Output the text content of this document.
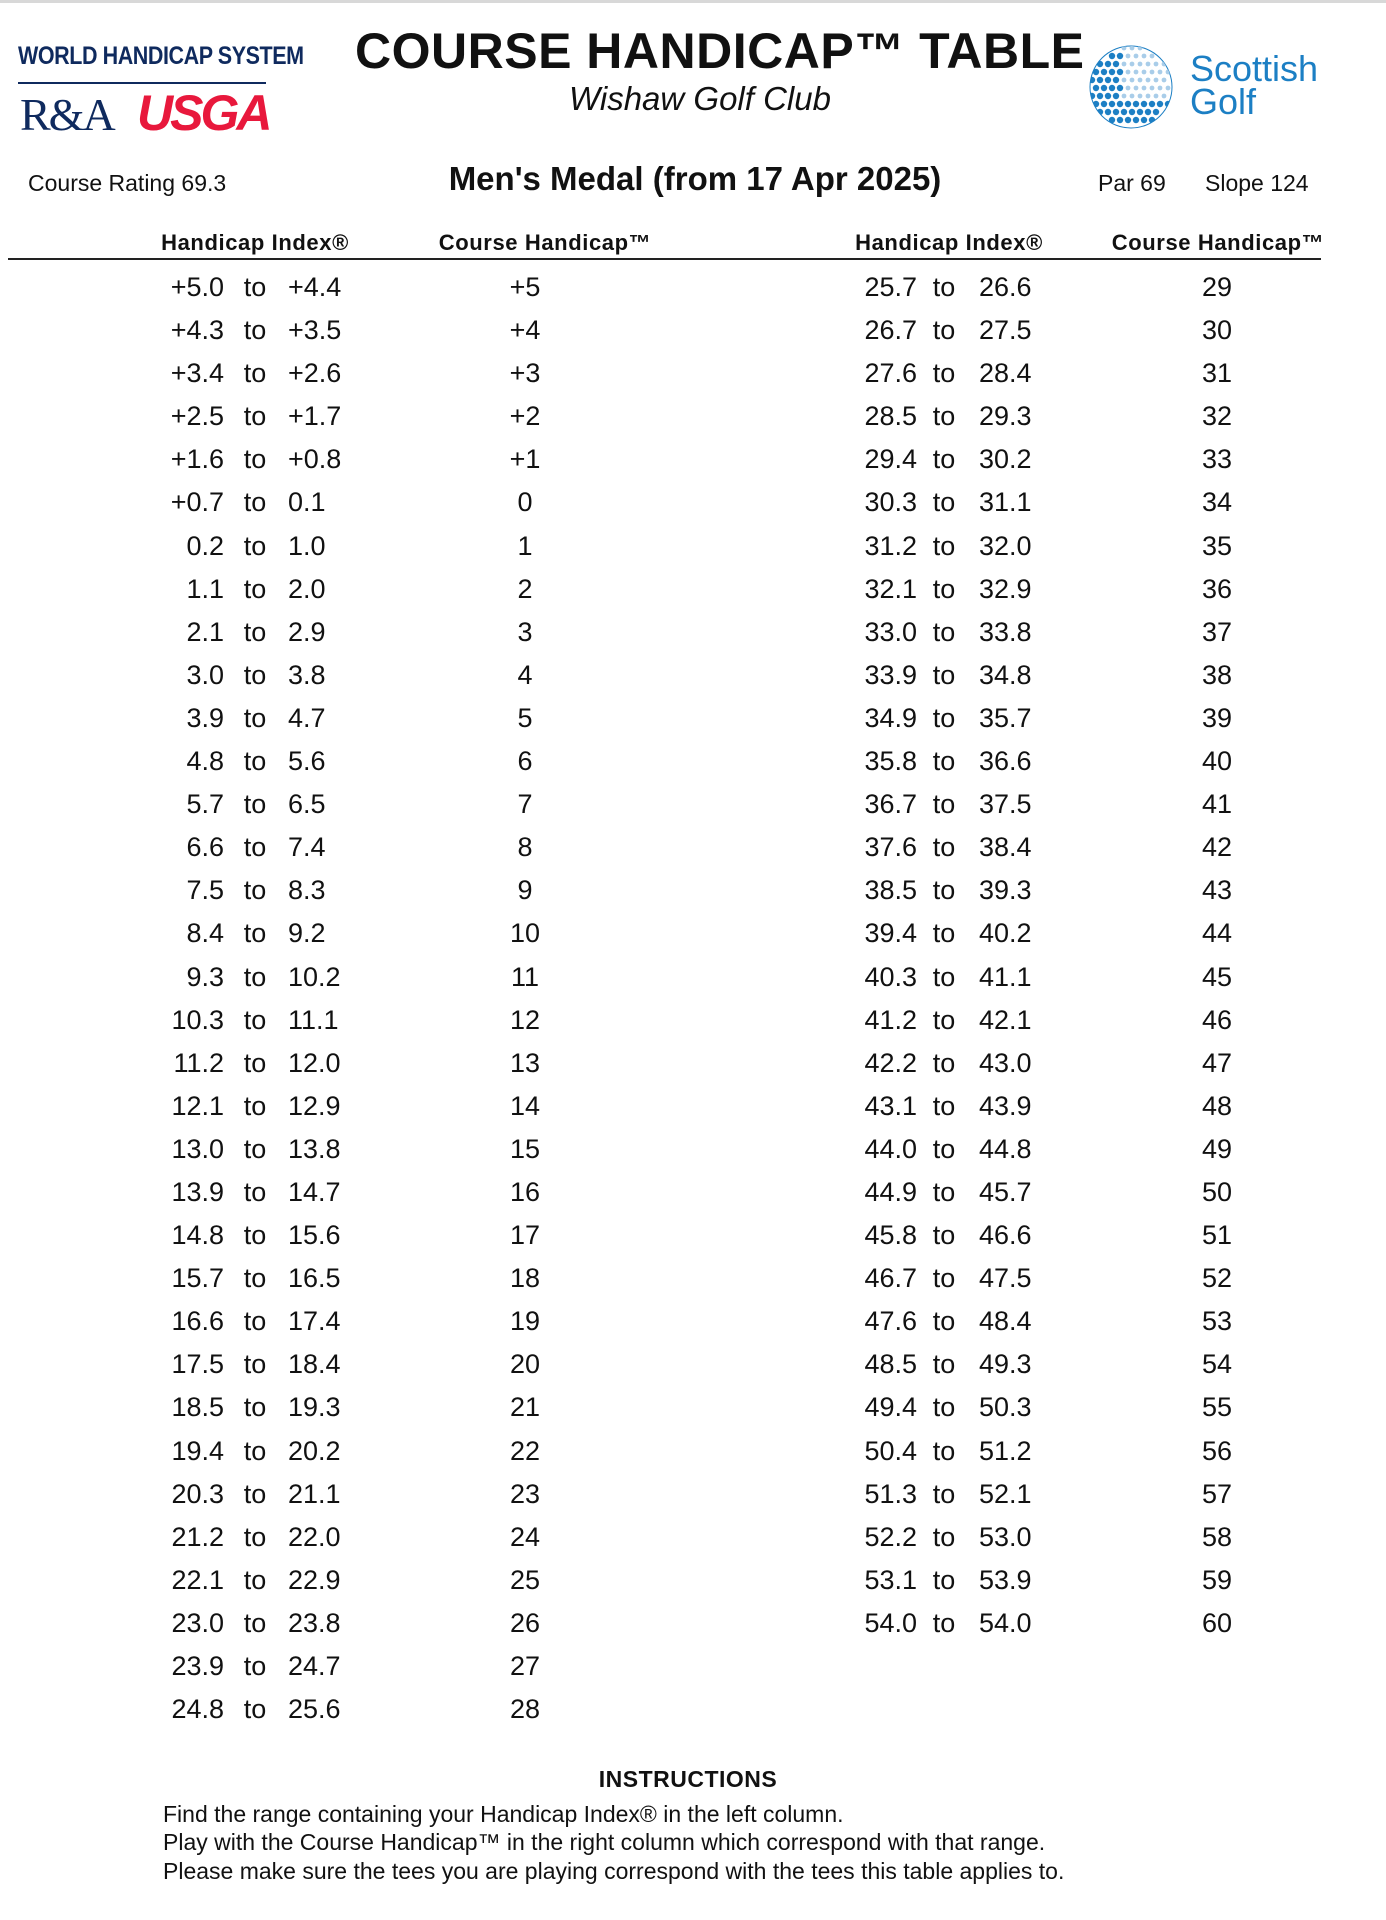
WORLD HANDICAP SYSTEM
R&A USGA
COURSE HANDICAP™ TABLE
Wishaw Golf Club
Scottish
Golf
Course Rating 69.3	Men's Medal (from 17 Apr 2025)	Par 69 Slope 124
Handicap Index®	Course Handicap™	Handicap Index®	Course Handicap™
+5.0 to +4.4	+5
+4.3 to +3.5	+4
+3.4 to +2.6	+3
+2.5 to +1.7	+2
+1.6 to +0.8	+1
+0.7 to 0.1	0
0.2 to 1.0	1
1.1 to 2.0	2
2.1 to 2.9	3
3.0 to 3.8	4
3.9 to 4.7	5
4.8 to 5.6	6
5.7 to 6.5	7
6.6 to 7.4	8
7.5 to 8.3	9
8.4 to 9.2	10
9.3 to 10.2	11
10.3 to 11.1	12
11.2 to 12.0	13
12.1 to 12.9	14
13.0 to 13.8	15
13.9 to 14.7	16
14.8 to 15.6	17
15.7 to 16.5	18
16.6 to 17.4	19
17.5 to 18.4	20
18.5 to 19.3	21
19.4 to 20.2	22
20.3 to 21.1	23
21.2 to 22.0	24
22.1 to 22.9	25
23.0 to 23.8	26
23.9 to 24.7	27
24.8 to 25.6	28
25.7 to 26.6	29
26.7 to 27.5	30
27.6 to 28.4	31
28.5 to 29.3	32
29.4 to 30.2	33
30.3 to 31.1	34
31.2 to 32.0	35
32.1 to 32.9	36
33.0 to 33.8	37
33.9 to 34.8	38
34.9 to 35.7	39
35.8 to 36.6	40
36.7 to 37.5	41
37.6 to 38.4	42
38.5 to 39.3	43
39.4 to 40.2	44
40.3 to 41.1	45
41.2 to 42.1	46
42.2 to 43.0	47
43.1 to 43.9	48
44.0 to 44.8	49
44.9 to 45.7	50
45.8 to 46.6	51
46.7 to 47.5	52
47.6 to 48.4	53
48.5 to 49.3	54
49.4 to 50.3	55
50.4 to 51.2	56
51.3 to 52.1	57
52.2 to 53.0	58
53.1 to 53.9	59
54.0 to 54.0	60
INSTRUCTIONS
Find the range containing your Handicap Index® in the left column.
Play with the Course Handicap™ in the right column which correspond with that range.
Please make sure the tees you are playing correspond with the tees this table applies to.
